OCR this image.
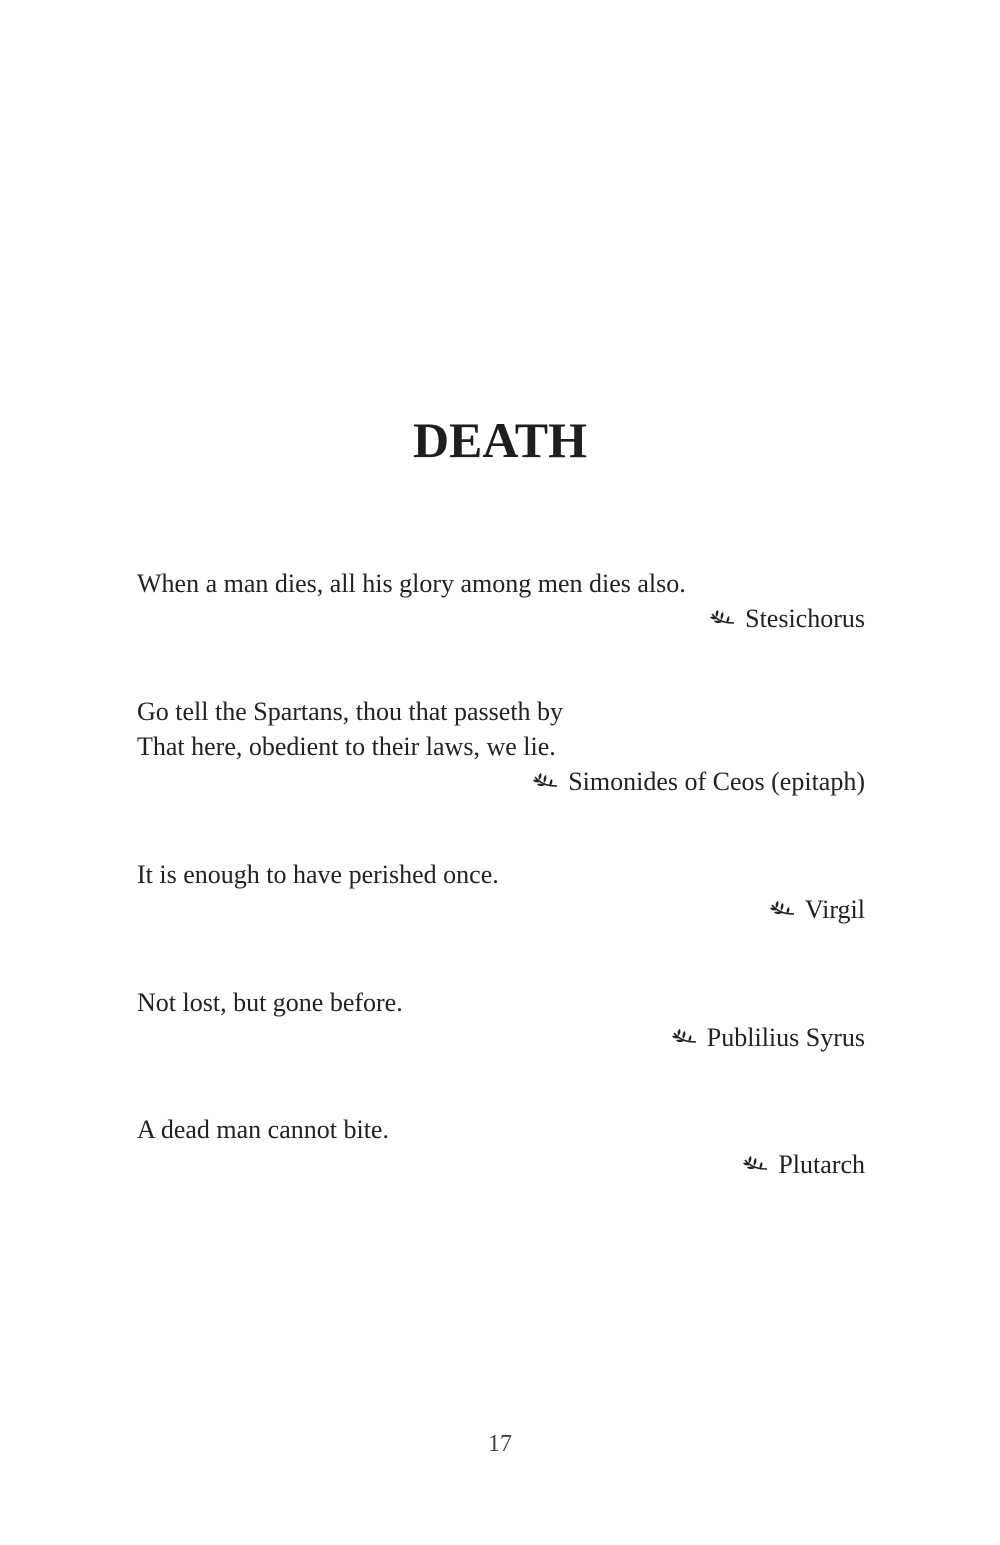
DEATH
When a man dies, all his glory among men dies also.
Stesichorus
Go tell the Spartans, thou that passeth by
That here, obedient to their laws, we lie.
Simonides of Ceos (epitaph)
It is enough to have perished once.
Virgil
Not lost, but gone before.
Publilius Syrus
A dead man cannot bite.
Plutarch
17
